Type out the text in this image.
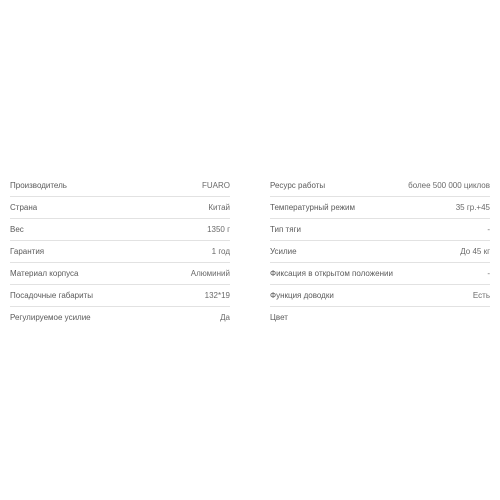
Производитель	FUARO
Страна	Китай
Вес	1350 г
Гарантия	1 год
Материал корпуса	Алюминий
Посадочные габариты	132*19
Регулируемое усилие	Да
Ресурс работы	более 500 000 циклов
Температурный режим	35 гр.+45
Тип тяги	-
Усилие	До 45 кг
Фиксация в открытом положении	-
Функция доводки	Есть
Цвет
